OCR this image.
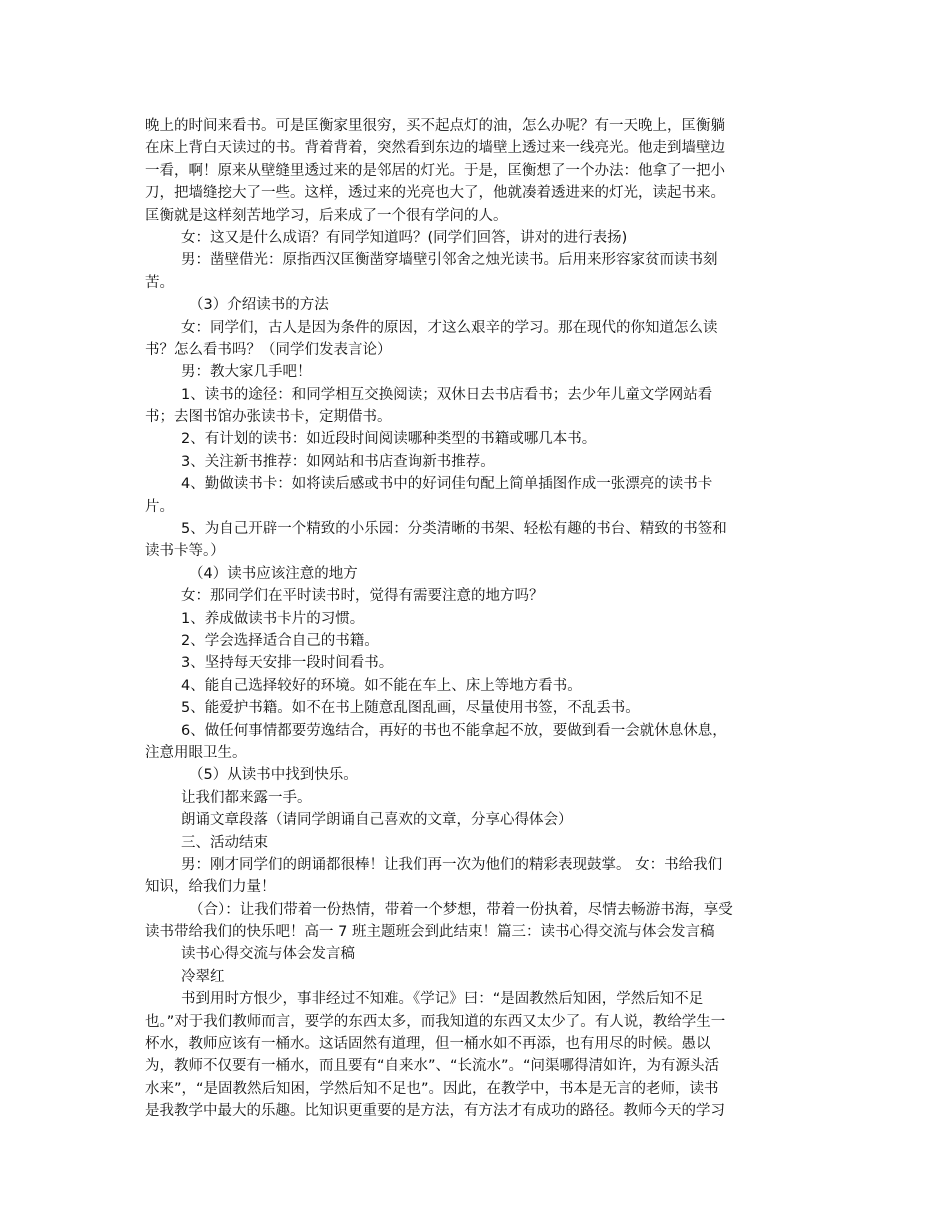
晚上的时间来看书。可是匡衡家里很穷，买不起点灯的油，怎么办呢？有一天晚上，匡衡躺
在床上背白天读过的书。背着背着，突然看到东边的墙壁上透过来一线亮光。他走到墙壁边
一看，啊！原来从壁缝里透过来的是邻居的灯光。于是，匡衡想了一个办法：他拿了一把小
刀，把墙缝挖大了一些。这样，透过来的光亮也大了，他就凑着透进来的灯光，读起书来。
匡衡就是这样刻苦地学习，后来成了一个很有学问的人。
女：这又是什么成语？有同学知道吗？(同学们回答，讲对的进行表扬)
男：凿壁借光：原指西汉匡衡凿穿墙壁引邻舍之烛光读书。后用来形容家贫而读书刻
苦。
（3）介绍读书的方法
女：同学们，古人是因为条件的原因，才这么艰辛的学习。那在现代的你知道怎么读
书？怎么看书吗？（同学们发表言论）
男：教大家几手吧！
1、读书的途径：和同学相互交换阅读；双休日去书店看书；去少年儿童文学网站看
书；去图书馆办张读书卡，定期借书。
2、有计划的读书：如近段时间阅读哪种类型的书籍或哪几本书。
3、关注新书推荐：如网站和书店查询新书推荐。
4、勤做读书卡：如将读后感或书中的好词佳句配上简单插图作成一张漂亮的读书卡
片。
5、为自己开辟一个精致的小乐园：分类清晰的书架、轻松有趣的书台、精致的书签和
读书卡等。）
（4）读书应该注意的地方
女：那同学们在平时读书时，觉得有需要注意的地方吗？
1、养成做读书卡片的习惯。
2、学会选择适合自己的书籍。
3、坚持每天安排一段时间看书。
4、能自己选择较好的环境。如不能在车上、床上等地方看书。
5、能爱护书籍。如不在书上随意乱图乱画，尽量使用书签，不乱丢书。
6、做任何事情都要劳逸结合，再好的书也不能拿起不放，要做到看一会就休息休息，
注意用眼卫生。
（5）从读书中找到快乐。
让我们都来露一手。
朗诵文章段落（请同学朗诵自己喜欢的文章，分享心得体会）
三、活动结束
男：刚才同学们的朗诵都很棒！让我们再一次为他们的精彩表现鼓掌。 女：书给我们
知识，给我们力量！
（合）：让我们带着一份热情，带着一个梦想，带着一份执着，尽情去畅游书海，享受
读书带给我们的快乐吧！高一 7 班主题班会到此结束！篇三：读书心得交流与体会发言稿
读书心得交流与体会发言稿
冷翠红
书到用时方恨少，事非经过不知难。《学记》曰：“是固教然后知困，学然后知不足
也。”对于我们教师而言，要学的东西太多，而我知道的东西又太少了。有人说，教给学生一
杯水，教师应该有一桶水。这话固然有道理，但一桶水如不再添，也有用尽的时候。愚以
为，教师不仅要有一桶水，而且要有“自来水”、“长流水”。“问渠哪得清如许，为有源头活
水来”，“是固教然后知困，学然后知不足也”。因此，在教学中，书本是无言的老师，读书
是我教学中最大的乐趣。比知识更重要的是方法，有方法才有成功的路径。教师今天的学习
